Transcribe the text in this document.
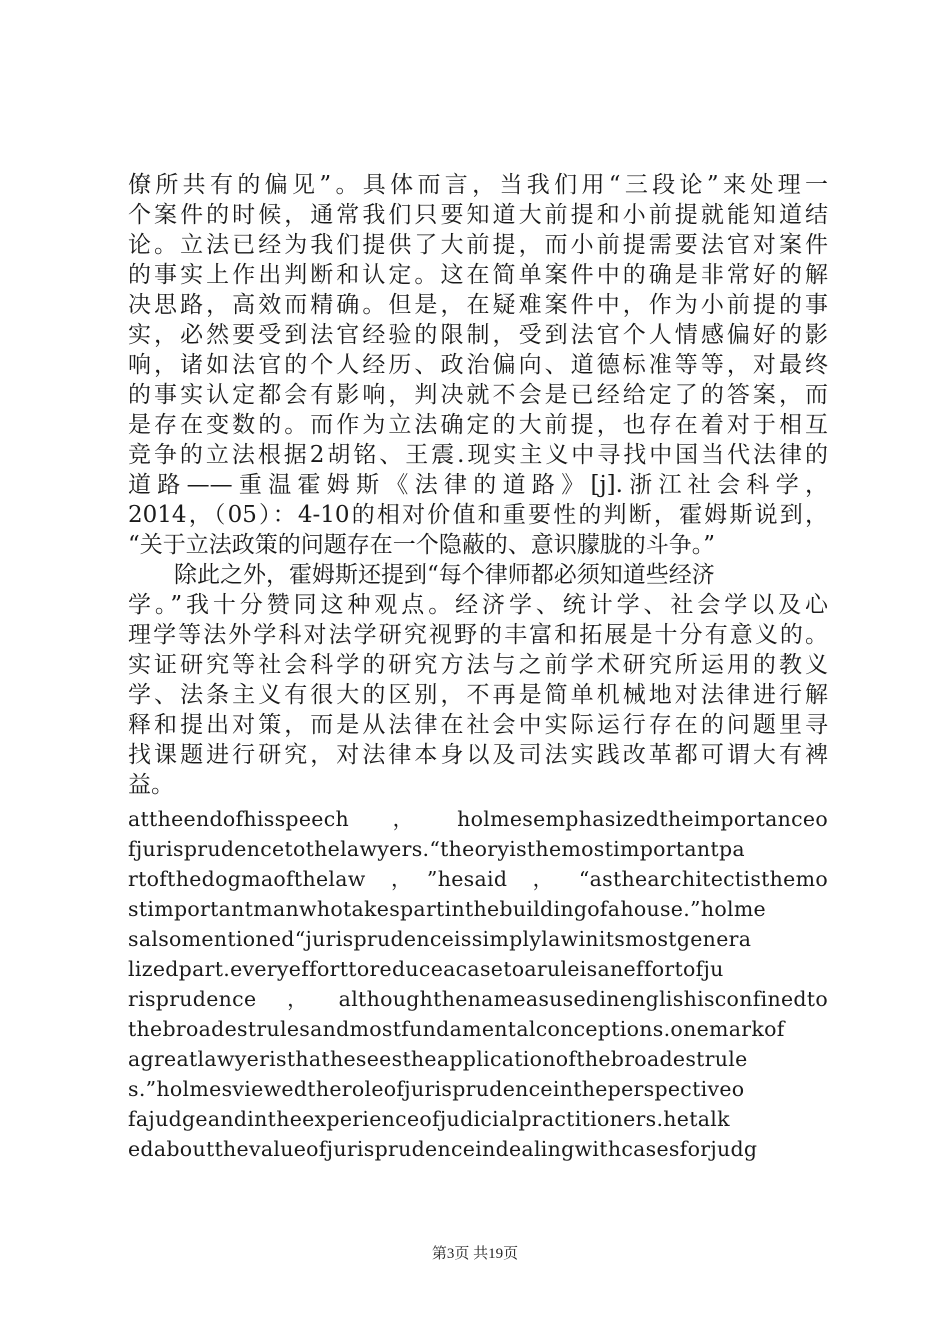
僚所共有的偏见”。具体而言，当我们用“三段论”来处理一
个案件的时候，通常我们只要知道大前提和小前提就能知道结
论。立法已经为我们提供了大前提，而小前提需要法官对案件
的事实上作出判断和认定。这在简单案件中的确是非常好的解
决思路，高效而精确。但是，在疑难案件中，作为小前提的事
实，必然要受到法官经验的限制，受到法官个人情感偏好的影
响，诸如法官的个人经历、政治偏向、道德标准等等，对最终
的事实认定都会有影响，判决就不会是已经给定了的答案，而
是存在变数的。而作为立法确定的大前提，也存在着对于相互
竞争的立法根据2胡铭、王震.现实主义中寻找中国当代法律的
道路——重温霍姆斯《法律的道路》[j].浙江社会科学，
2014，（05）：4-10的相对价值和重要性的判断，霍姆斯说到，
“关于立法政策的问题存在一个隐蔽的、意识朦胧的斗争。”
　　除此之外，霍姆斯还提到“每个律师都必须知道些经济
学。”我十分赞同这种观点。经济学、统计学、社会学以及心
理学等法外学科对法学研究视野的丰富和拓展是十分有意义的。
实证研究等社会科学的研究方法与之前学术研究所运用的教义
学、法条主义有很大的区别，不再是简单机械地对法律进行解
释和提出对策，而是从法律在社会中实际运行存在的问题里寻
找课题进行研究，对法律本身以及司法实践改革都可谓大有裨
益。
attheendofhisspeech，holmesemphasizedtheimportanceo
fjurisprudencetothelawyers.“theoryisthemostimportantpa
rtofthedogmaofthelaw，”hesaid，“asthearchitectisthemo
stimportantmanwhotakespartinthebuildingofahouse.”holme
salsomentioned“jurisprudenceissimplylawinitsmostgenera
lizedpart.everyefforttoreduceacasetoaruleisaneffortofju
risprudence，althoughthenameasusedinenglishisconfinedto
thebroadestrulesandmostfundamentalconceptions.onemarkof
agreatlawyeristhatheseestheapplicationofthebroadestrule
s.”holmesviewedtheroleofjurisprudenceintheperspectiveo
fajudgeandintheexperienceofjudicialpractitioners.hetalk
edaboutthevalueofjurisprudenceindealingwithcasesforjudg
第3页 共19页
